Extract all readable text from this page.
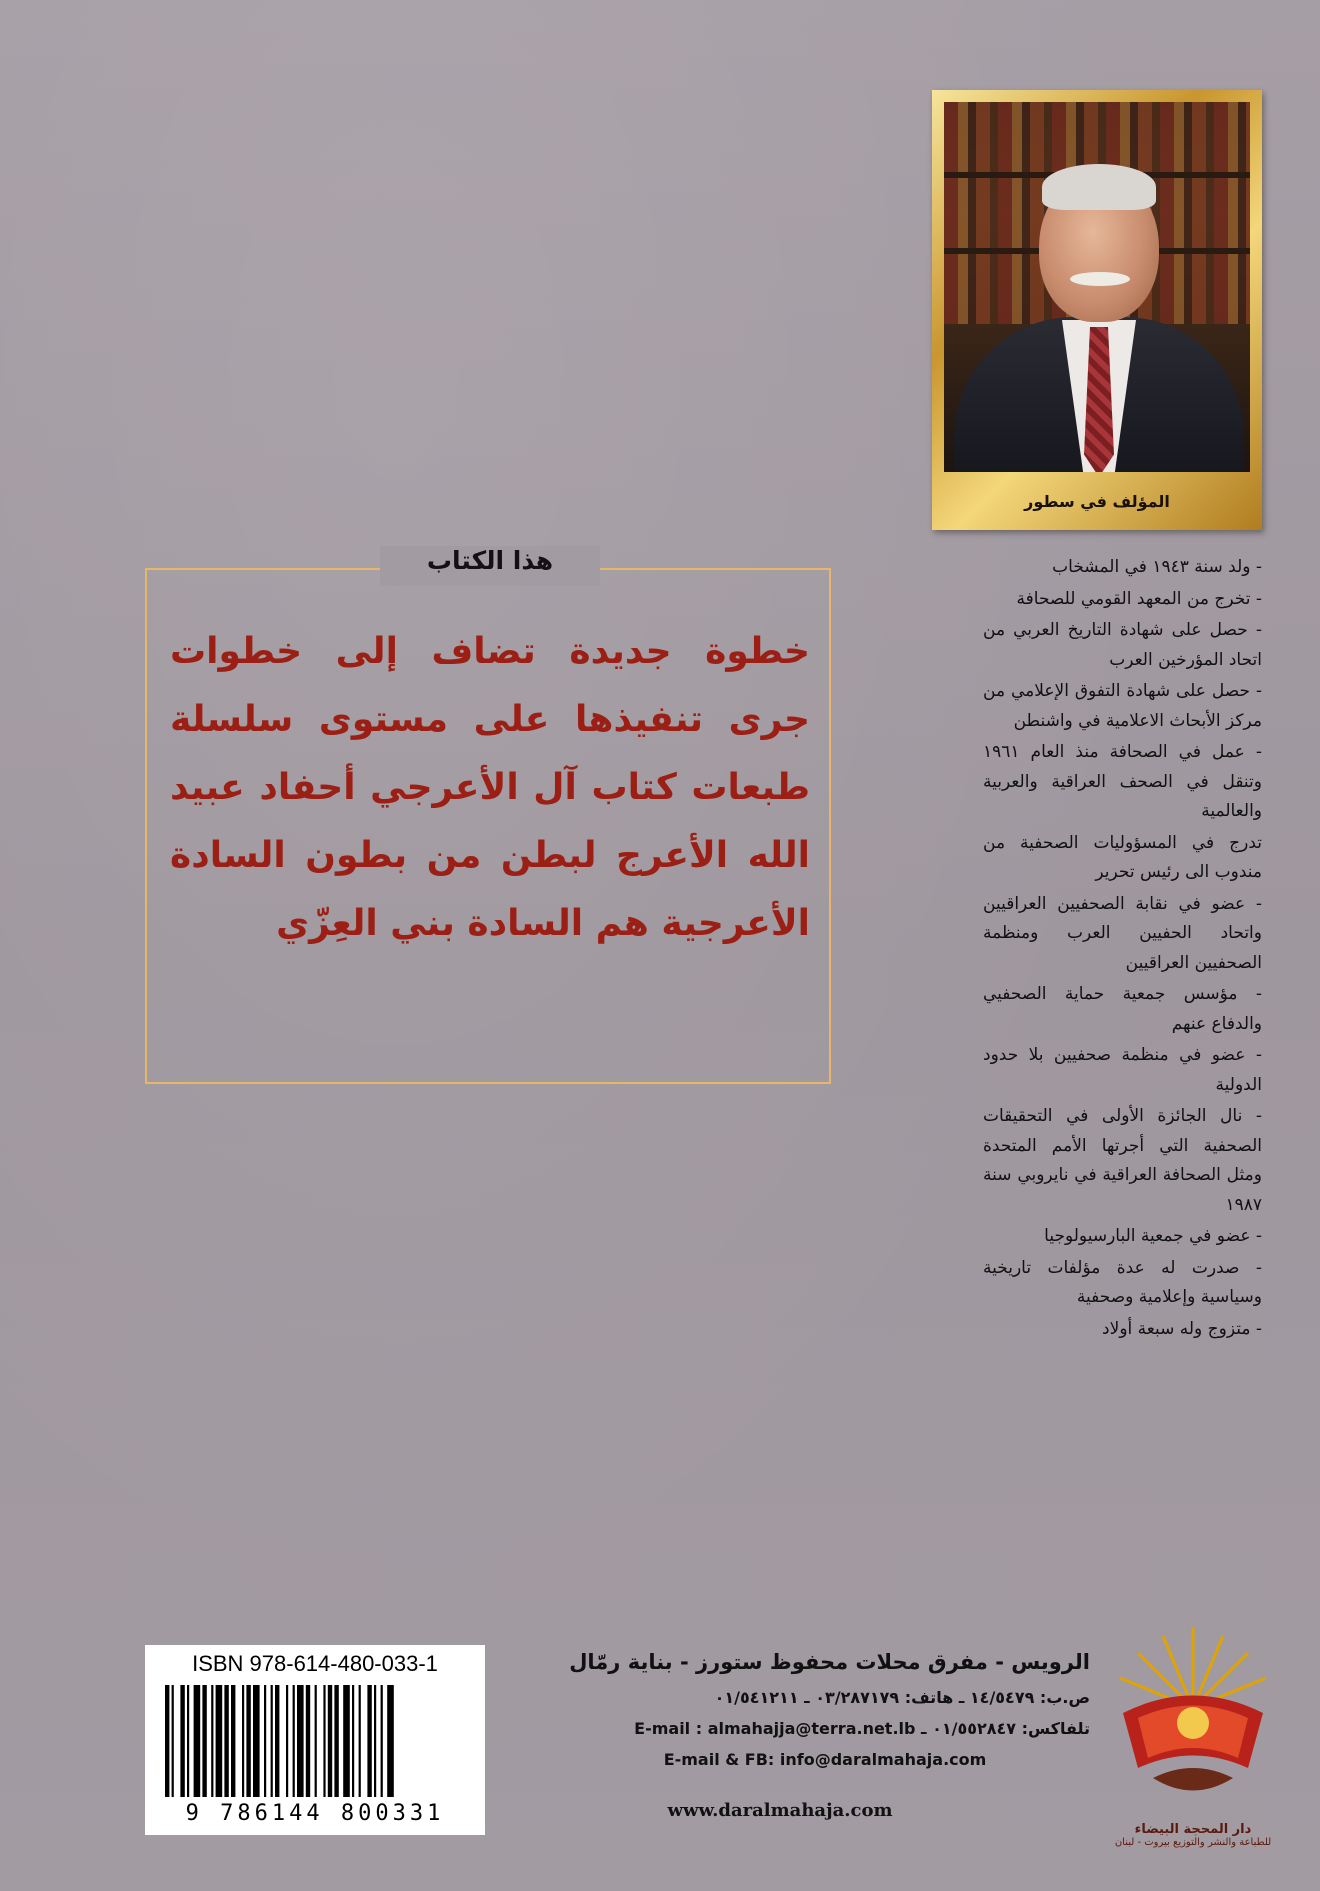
المؤلف في سطور
- ولد سنة ١٩٤٣ في المشخاب
- تخرج من المعهد القومي للصحافة
- حصل على شهادة التاريخ العربي من اتحاد المؤرخين العرب
- حصل على شهادة التفوق الإعلامي من مركز الأبحاث الاعلامية في واشنطن
- عمل في الصحافة منذ العام ١٩٦١ وتنقل في الصحف العراقية والعربية والعالمية
تدرج في المسؤوليات الصحفية من مندوب الى رئيس تحرير
- عضو في نقابة الصحفيين العراقيين واتحاد الحفيين العرب ومنظمة الصحفيين العراقيين
- مؤسس جمعية حماية الصحفيي والدفاع عنهم
- عضو في منظمة صحفيين بلا حدود الدولية
- نال الجائزة الأولى في التحقيقات الصحفية التي أجرتها الأمم المتحدة ومثل الصحافة العراقية في نايروبي سنة ١٩٨٧
- عضو في جمعية البارسيولوجيا
- صدرت له عدة مؤلفات تاريخية وسياسية وإعلامية وصحفية
- متزوج وله سبعة أولاد
هذا الكتاب

خطوة جديدة تضاف إلى خطوات جرى تنفيذها على مستوى سلسلة طبعات كتاب آل الأعرجي أحفاد عبيد الله الأعرج لبطن من بطون السادة الأعرجية هم السادة بني العِزّي

ISBN 978-614-480-033-1
9 786144 800331

الرويس - مفرق محلات محفوظ ستورز - بناية رمّال

ص.ب: ١٤/٥٤٧٩ ـ هاتف: ٠٣/٢٨٧١٧٩ ـ ٠١/٥٤١٢١١

تلفاكس: ٠١/٥٥٢٨٤٧ ـ E-mail : almahajja@terra.net.lb

E-mail & FB: info@daralmahaja.com

www.daralmahaja.com
دار المحجة البيضاء
للطباعة والنشر والتوزيع بيروت - لبنان
